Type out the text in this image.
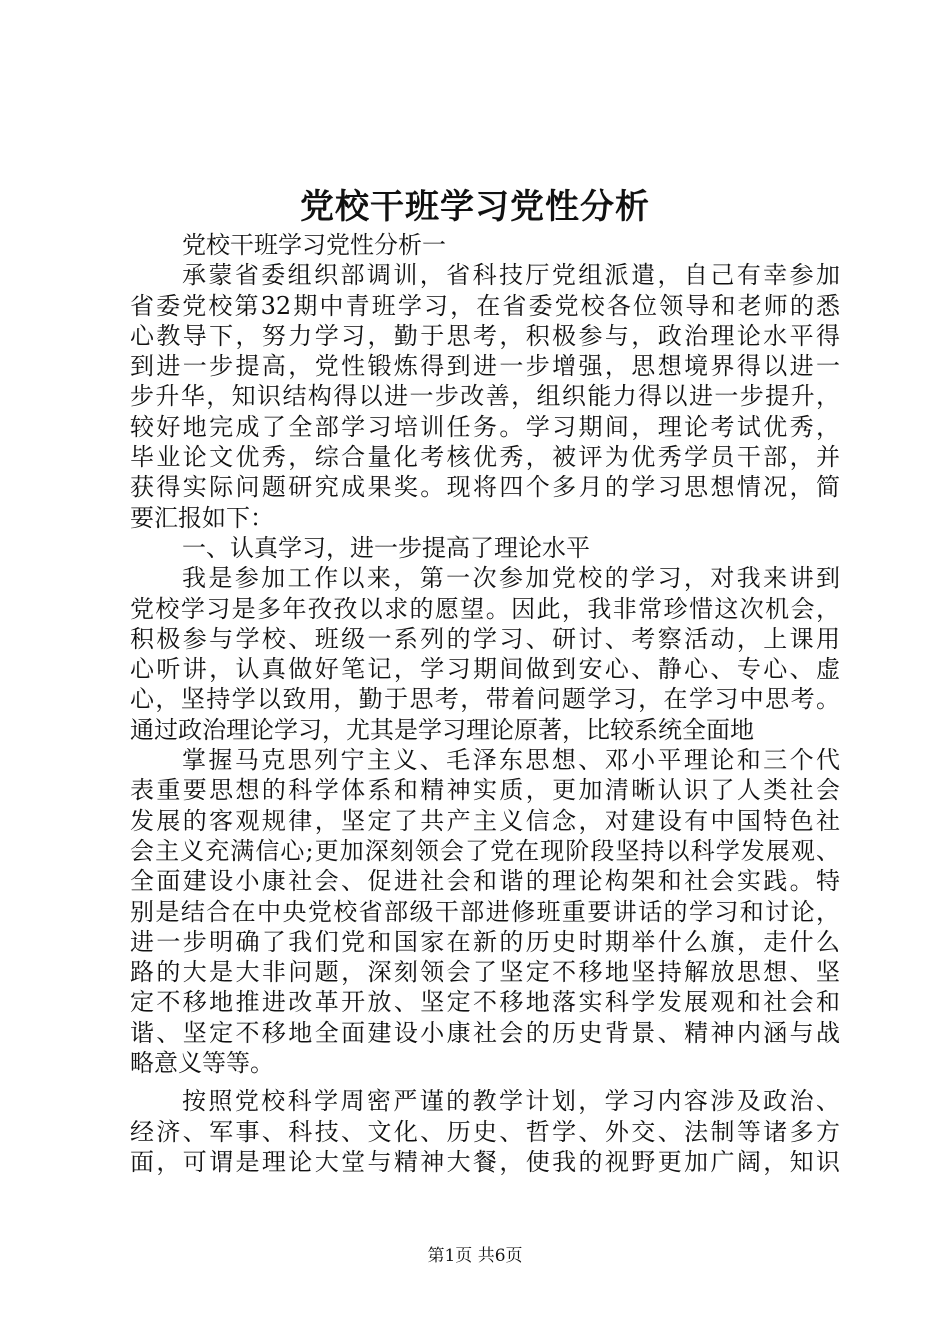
党校干班学习党性分析
党校干班学习党性分析一
承蒙省委组织部调训，省科技厅党组派遣，自己有幸参加
省委党校第32期中青班学习，在省委党校各位领导和老师的悉
心教导下，努力学习，勤于思考，积极参与，政治理论水平得
到进一步提高，党性锻炼得到进一步增强，思想境界得以进一
步升华，知识结构得以进一步改善，组织能力得以进一步提升，
较好地完成了全部学习培训任务。学习期间，理论考试优秀，
毕业论文优秀，综合量化考核优秀，被评为优秀学员干部，并
获得实际问题研究成果奖。现将四个多月的学习思想情况，简
要汇报如下：
一、认真学习，进一步提高了理论水平
我是参加工作以来，第一次参加党校的学习，对我来讲到
党校学习是多年孜孜以求的愿望。因此，我非常珍惜这次机会，
积极参与学校、班级一系列的学习、研讨、考察活动，上课用
心听讲，认真做好笔记，学习期间做到安心、静心、专心、虚
心，坚持学以致用，勤于思考，带着问题学习，在学习中思考。
通过政治理论学习，尤其是学习理论原著，比较系统全面地
掌握马克思列宁主义、毛泽东思想、邓小平理论和三个代
表重要思想的科学体系和精神实质，更加清晰认识了人类社会
发展的客观规律，坚定了共产主义信念，对建设有中国特色社
会主义充满信心;更加深刻领会了党在现阶段坚持以科学发展观、
全面建设小康社会、促进社会和谐的理论构架和社会实践。特
别是结合在中央党校省部级干部进修班重要讲话的学习和讨论，
进一步明确了我们党和国家在新的历史时期举什么旗，走什么
路的大是大非问题，深刻领会了坚定不移地坚持解放思想、坚
定不移地推进改革开放、坚定不移地落实科学发展观和社会和
谐、坚定不移地全面建设小康社会的历史背景、精神内涵与战
略意义等等。
按照党校科学周密严谨的教学计划，学习内容涉及政治、
经济、军事、科技、文化、历史、哲学、外交、法制等诸多方
面，可谓是理论大堂与精神大餐，使我的视野更加广阔，知识
第1页 共6页
